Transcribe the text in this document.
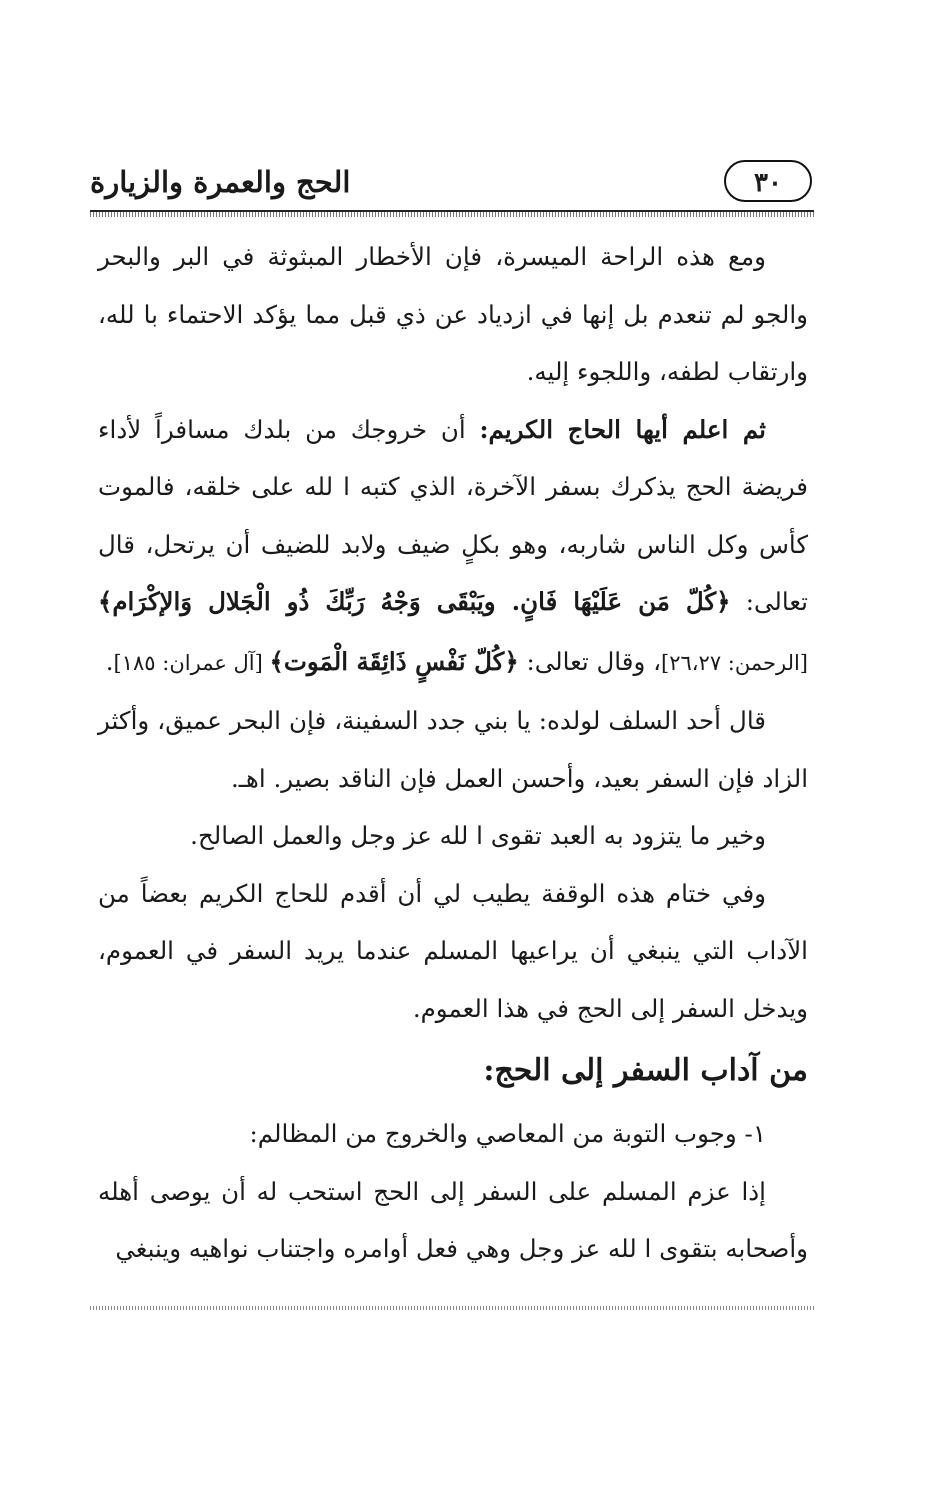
الحج والعمرة والزيارة	٣٠

ومع هذه الراحة الميسرة، فإن الأخطار المبثوثة في البر والبحر والجو لم تنعدم بل إنها في ازدياد عن ذي قبل مما يؤكد الاحتماء با لله، وارتقاب لطفه، واللجوء إليه.

ثم اعلم أيها الحاج الكريم: أن خروجك من بلدك مسافراً لأداء فريضة الحج يذكرك بسفر الآخرة، الذي كتبه ا لله على خلقه، فالموت كأس وكل الناس شاربه، وهو بكلٍ ضيف ولابد للضيف أن يرتحل، قال تعالى: ﴿كُلّ مَن عَلَيْهَا فَانٍ. ويَبْقَى وَجْهُ رَبِّكَ ذُو الْجَلال وَالإكْرَام﴾ [الرحمن: ٢٦،٢٧]، وقال تعالى: ﴿كُلّ نَفْسٍ ذَائِقَة الْمَوت﴾ [آل عمران: ١٨٥].

قال أحد السلف لولده: يا بني جدد السفينة، فإن البحر عميق، وأكثر الزاد فإن السفر بعيد، وأحسن العمل فإن الناقد بصير. اهـ.

وخير ما يتزود به العبد تقوى ا لله عز وجل والعمل الصالح.

وفي ختام هذه الوقفة يطيب لي أن أقدم للحاج الكريم بعضاً من الآداب التي ينبغي أن يراعيها المسلم عندما يريد السفر في العموم، ويدخل السفر إلى الحج في هذا العموم.

من آداب السفر إلى الحج:

١- وجوب التوبة من المعاصي والخروج من المظالم:

إذا عزم المسلم على السفر إلى الحج استحب له أن يوصى أهله وأصحابه بتقوى ا لله عز وجل وهي فعل أوامره واجتناب نواهيه وينبغي
